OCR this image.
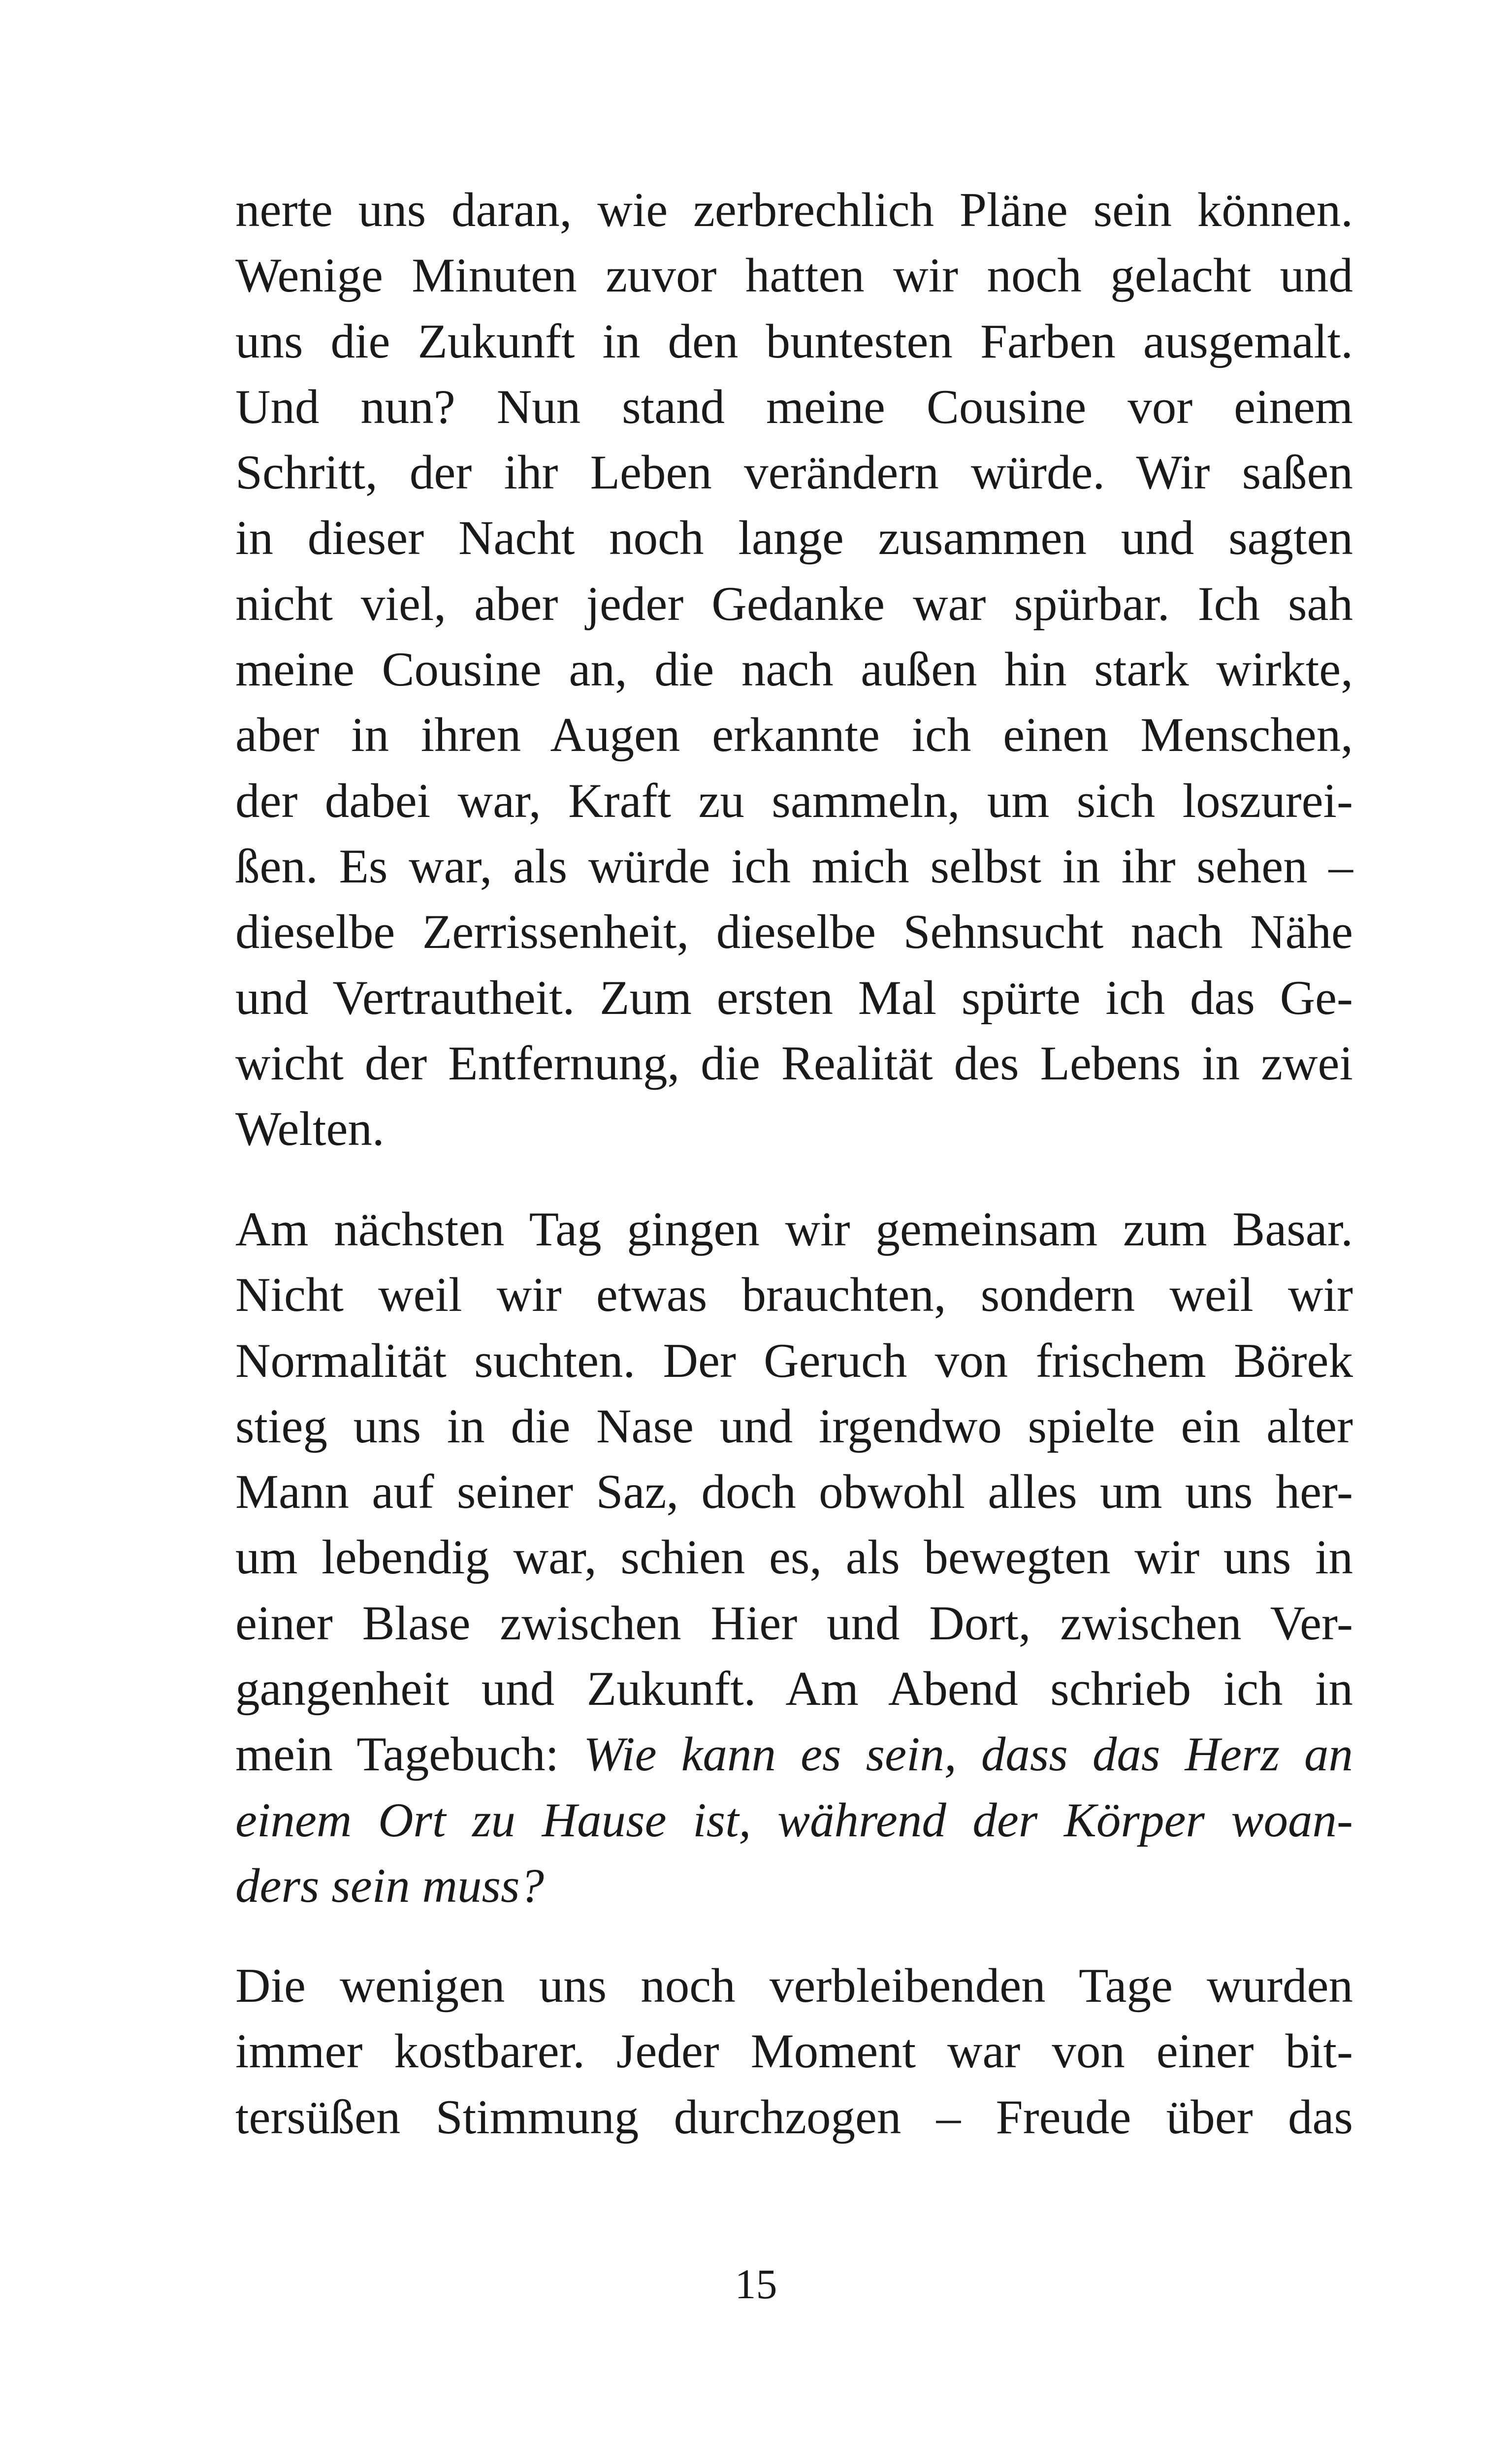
nerte uns daran, wie zerbrechlich Pläne sein können.
Wenige Minuten zuvor hatten wir noch gelacht und
uns die Zukunft in den buntesten Farben ausgemalt.
Und nun? Nun stand meine Cousine vor einem
Schritt, der ihr Leben verändern würde. Wir saßen
in dieser Nacht noch lange zusammen und sagten
nicht viel, aber jeder Gedanke war spürbar. Ich sah
meine Cousine an, die nach außen hin stark wirkte,
aber in ihren Augen erkannte ich einen Menschen,
der dabei war, Kraft zu sammeln, um sich loszurei-
ßen. Es war, als würde ich mich selbst in ihr sehen –
dieselbe Zerrissenheit, dieselbe Sehnsucht nach Nähe
und Vertrautheit. Zum ersten Mal spürte ich das Ge-
wicht der Entfernung, die Realität des Lebens in zwei
Welten.
Am nächsten Tag gingen wir gemeinsam zum Basar.
Nicht weil wir etwas brauchten, sondern weil wir
Normalität suchten. Der Geruch von frischem Börek
stieg uns in die Nase und irgendwo spielte ein alter
Mann auf seiner Saz, doch obwohl alles um uns her-
um lebendig war, schien es, als bewegten wir uns in
einer Blase zwischen Hier und Dort, zwischen Ver-
gangenheit und Zukunft. Am Abend schrieb ich in
mein Tagebuch: Wie kann es sein, dass das Herz an
einem Ort zu Hause ist, während der Körper woan-
ders sein muss?
Die wenigen uns noch verbleibenden Tage wurden
immer kostbarer. Jeder Moment war von einer bit-
tersüßen Stimmung durchzogen – Freude über das
15
